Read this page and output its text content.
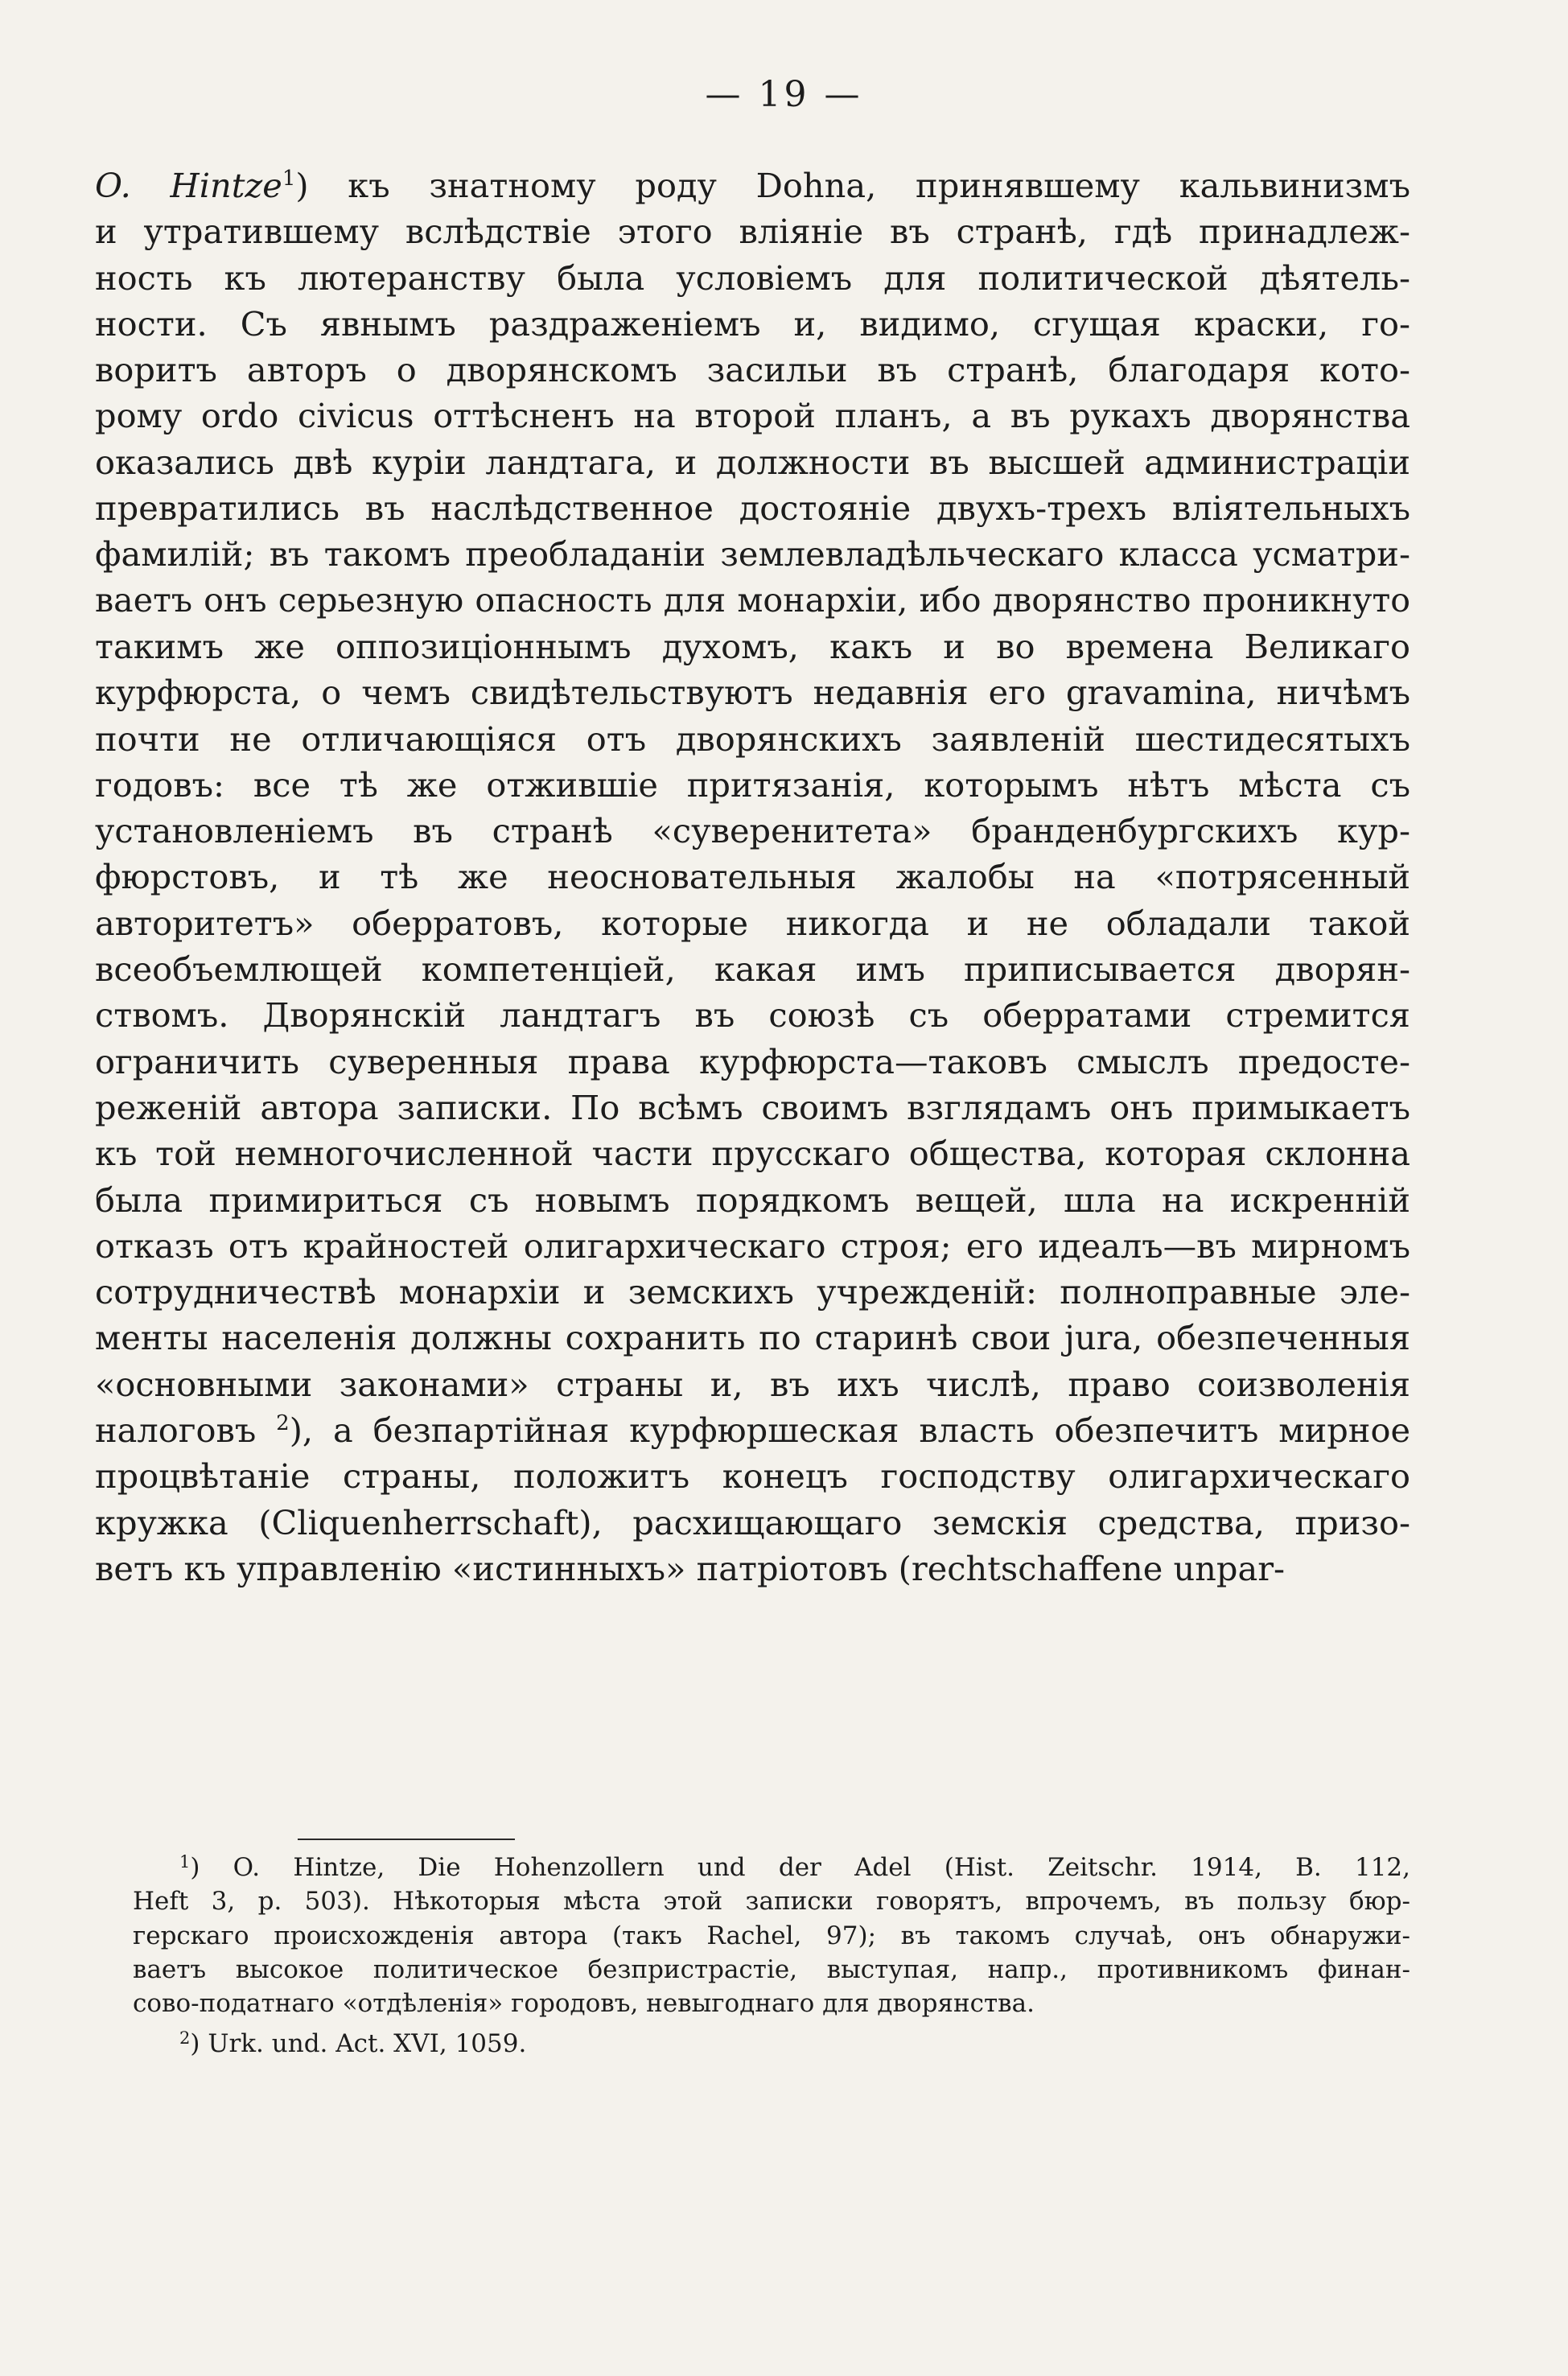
— 19 —
O. Hintze$^1$) къ знатному роду Dohna, принявшему кальвинизмъ
и утратившему вслѣдствіе этого вліяніе въ странѣ, гдѣ принадлеж-
ность къ лютеранству была условіемъ для политической дѣятель-
ности. Съ явнымъ раздраженіемъ и, видимо, сгущая краски, го-
воритъ авторъ о дворянскомъ засильи въ странѣ, благодаря кото-
рому ordo civicus оттѣсненъ на второй планъ, а въ рукахъ дворянства
оказались двѣ куріи ландтага, и должности въ высшей администраціи
превратились въ наслѣдственное достояніе двухъ-трехъ вліятельныхъ
фамилій; въ такомъ преобладаніи землевладѣльческаго класса усматри-
ваетъ онъ серьезную опасность для монархіи, ибо дворянство проникнуто
такимъ же оппозиціоннымъ духомъ, какъ и во времена Великаго
курфюрста, о чемъ свидѣтельствуютъ недавнія его gravamina, ничѣмъ
почти не отличающіяся отъ дворянскихъ заявленій шестидесятыхъ
годовъ: все тѣ же отжившіе притязанія, которымъ нѣтъ мѣста съ
установленіемъ въ странѣ «суверенитета» бранденбургскихъ кур-
фюрстовъ, и тѣ же неосновательныя жалобы на «потрясенный
авторитетъ» оберратовъ, которые никогда и не обладали такой
всеобъемлющей компетенціей, какая имъ приписывается дворян-
ствомъ. Дворянскій ландтагъ въ союзѣ съ оберратами стремится
ограничить суверенныя права курфюрста—таковъ смыслъ предосте-
реженій автора записки. По всѣмъ своимъ взглядамъ онъ примыкаетъ
къ той немногочисленной части прусскаго общества, которая склонна
была примириться съ новымъ порядкомъ вещей, шла на искренній
отказъ отъ крайностей олигархическаго строя; его идеалъ—въ мирномъ
сотрудничествѣ монархіи и земскихъ учрежденій: полноправные эле-
менты населенія должны сохранить по старинѣ свои jura, обезпеченныя
«основными законами» страны и, въ ихъ числѣ, право соизволенія
налоговъ $^2$), а безпартійная курфюршеская власть обезпечитъ мирное
процвѣтаніе страны, положитъ конецъ господству олигархическаго
кружка (Cliquenherrschaft), расхищающаго земскія средства, призо-
ветъ къ управленію «истинныхъ» патріотовъ (rechtschaffene unpar-
$^1$) O. Hintze, Die Hohenzollern und der Adel (Hist. Zeitschr. 1914, B. 112,
Heft 3, p. 503). Нѣкоторыя мѣста этой записки говорятъ, впрочемъ, въ пользу бюр-
герскаго происхожденія автора (такъ Rachel, 97); въ такомъ случаѣ, онъ обнаружи-
ваетъ высокое политическое безпристрастіе, выступая, напр., противникомъ финан-
сово-податнаго «отдѣленія» городовъ, невыгоднаго для дворянства.
$^2$) Urk. und. Act. XVI, 1059.
